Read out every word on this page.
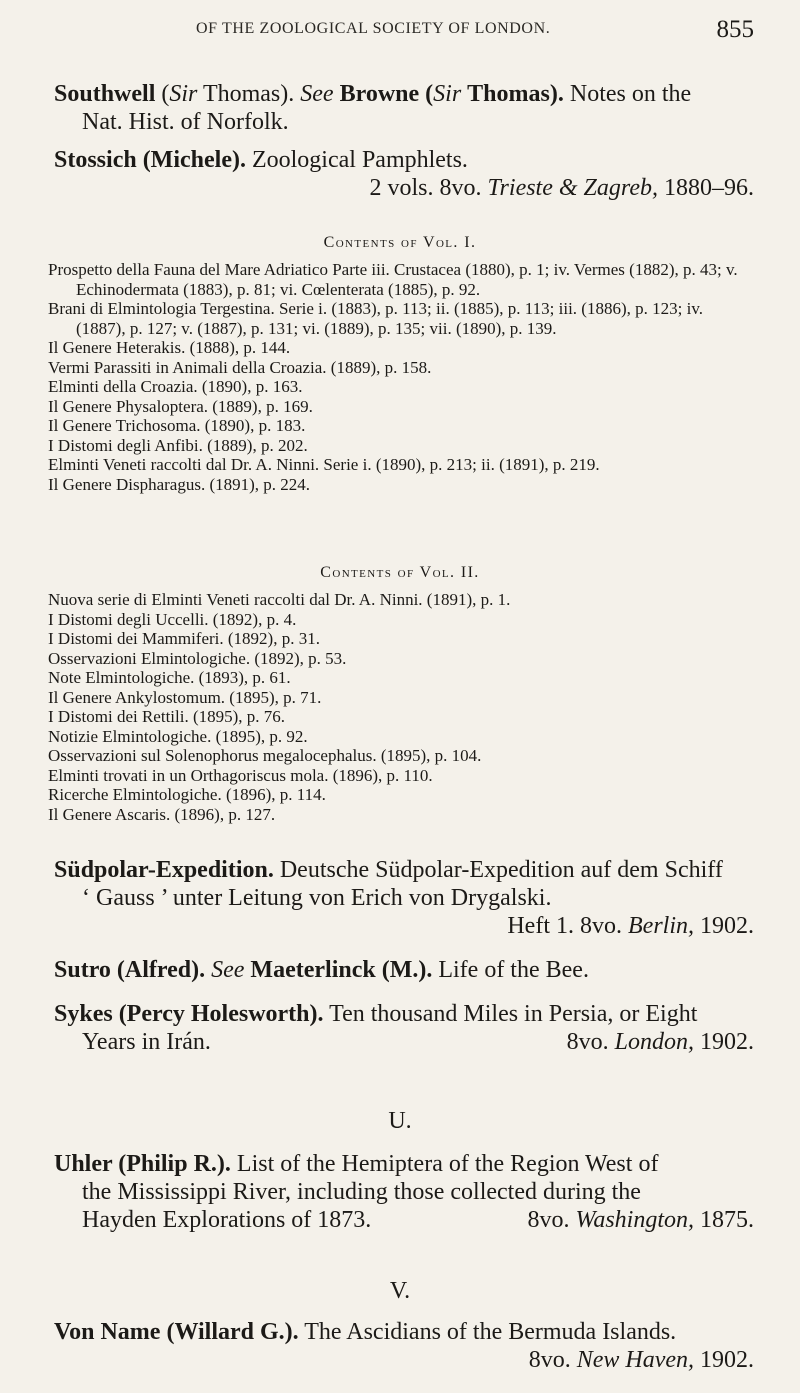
OF THE ZOOLOGICAL SOCIETY OF LONDON.	855

Southwell (Sir Thomas). See Browne (Sir Thomas). Notes on the
Nat. Hist. of Norfolk.

Stossich (Michele). Zoological Pamphlets.
2 vols. 8vo. Trieste & Zagreb, 1880–96.

Contents of Vol. I.

Prospetto della Fauna del Mare Adriatico Parte iii. Crustacea (1880), p. 1; iv. Vermes (1882), p. 43; v. Echinodermata (1883), p. 81; vi. Cœlenterata (1885), p. 92.
Brani di Elmintologia Tergestina. Serie i. (1883), p. 113; ii. (1885), p. 113; iii. (1886), p. 123; iv. (1887), p. 127; v. (1887), p. 131; vi. (1889), p. 135; vii. (1890), p. 139.
Il Genere Heterakis. (1888), p. 144.
Vermi Parassiti in Animali della Croazia. (1889), p. 158.
Elminti della Croazia. (1890), p. 163.
Il Genere Physaloptera. (1889), p. 169.
Il Genere Trichosoma. (1890), p. 183.
I Distomi degli Anfibi. (1889), p. 202.
Elminti Veneti raccolti dal Dr. A. Ninni. Serie i. (1890), p. 213; ii. (1891), p. 219.
Il Genere Dispharagus. (1891), p. 224.

Contents of Vol. II.

Nuova serie di Elminti Veneti raccolti dal Dr. A. Ninni. (1891), p. 1.
I Distomi degli Uccelli. (1892), p. 4.
I Distomi dei Mammiferi. (1892), p. 31.
Osservazioni Elmintologiche. (1892), p. 53.
Note Elmintologiche. (1893), p. 61.
Il Genere Ankylostomum. (1895), p. 71.
I Distomi dei Rettili. (1895), p. 76.
Notizie Elmintologiche. (1895), p. 92.
Osservazioni sul Solenophorus megalocephalus. (1895), p. 104.
Elminti trovati in un Orthagoriscus mola. (1896), p. 110.
Ricerche Elmintologiche. (1896), p. 114.
Il Genere Ascaris. (1896), p. 127.

Südpolar-Expedition. Deutsche Südpolar-Expedition auf dem Schiff
‘ Gauss ’ unter Leitung von Erich von Drygalski.
Heft 1. 8vo. Berlin, 1902.

Sutro (Alfred). See Maeterlinck (M.). Life of the Bee.

Sykes (Percy Holesworth). Ten thousand Miles in Persia, or Eight
Years in Irán.	8vo. London, 1902.

U.

Uhler (Philip R.). List of the Hemiptera of the Region West of
the Mississippi River, including those collected during the
Hayden Explorations of 1873.	8vo. Washington, 1875.

V.

Von Name (Willard G.). The Ascidians of the Bermuda Islands.
8vo. New Haven, 1902.
